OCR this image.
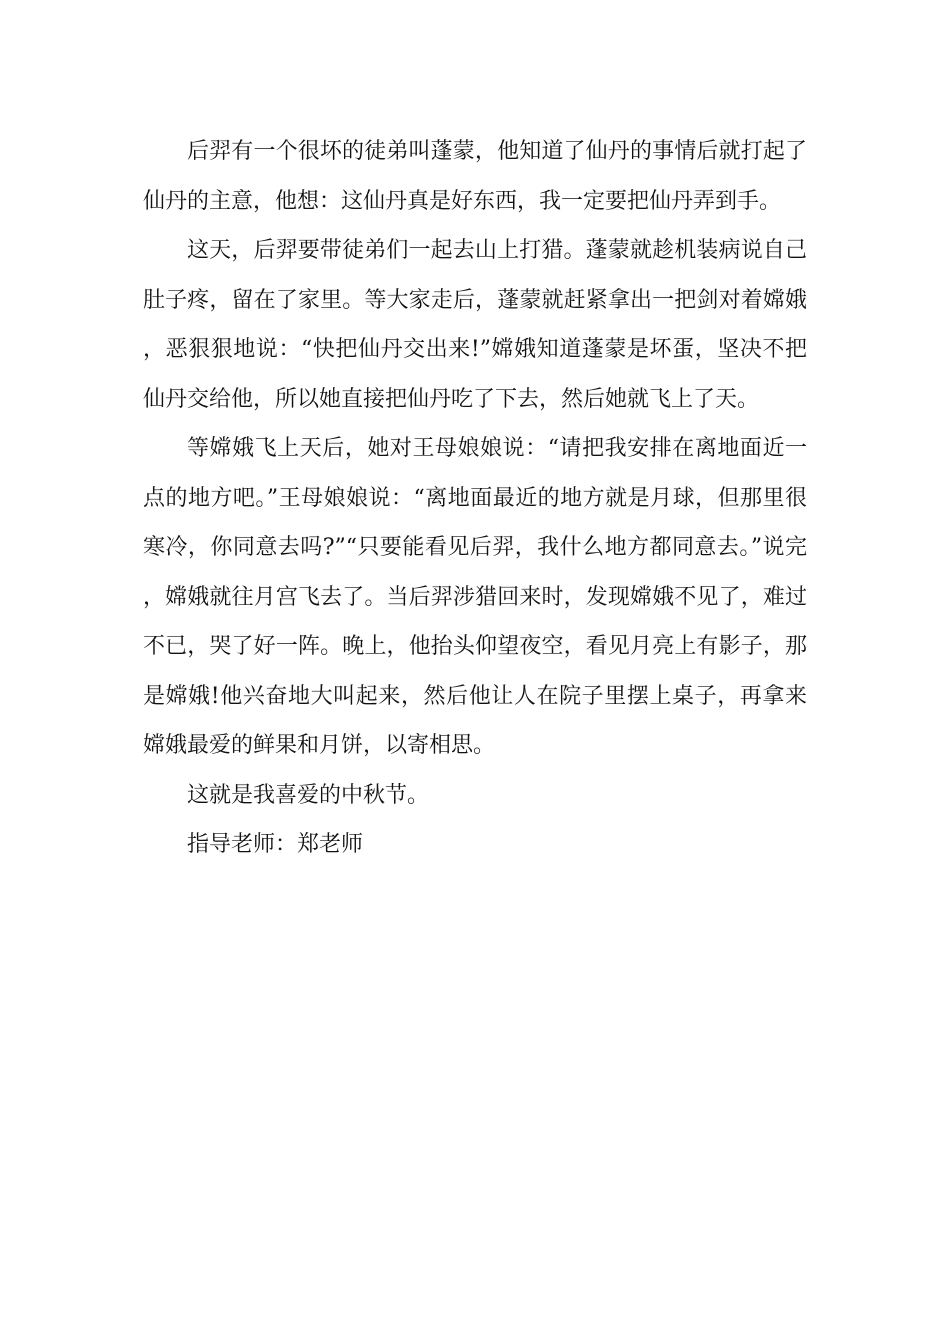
后羿有一个很坏的徒弟叫蓬蒙，他知道了仙丹的事情后就打起了仙丹的主意，他想：这仙丹真是好东西，我一定要把仙丹弄到手。

这天，后羿要带徒弟们一起去山上打猎。蓬蒙就趁机装病说自己肚子疼，留在了家里。等大家走后，蓬蒙就赶紧拿出一把剑对着嫦娥，恶狠狠地说：“快把仙丹交出来!”嫦娥知道蓬蒙是坏蛋，坚决不把仙丹交给他，所以她直接把仙丹吃了下去，然后她就飞上了天。

等嫦娥飞上天后，她对王母娘娘说：“请把我安排在离地面近一点的地方吧。”王母娘娘说：“离地面最近的地方就是月球，但那里很寒冷，你同意去吗?”“只要能看见后羿，我什么地方都同意去。”说完，嫦娥就往月宫飞去了。当后羿涉猎回来时，发现嫦娥不见了，难过不已，哭了好一阵。晚上，他抬头仰望夜空，看见月亮上有影子，那是嫦娥!他兴奋地大叫起来，然后他让人在院子里摆上桌子，再拿来嫦娥最爱的鲜果和月饼，以寄相思。

这就是我喜爱的中秋节。

指导老师：郑老师
